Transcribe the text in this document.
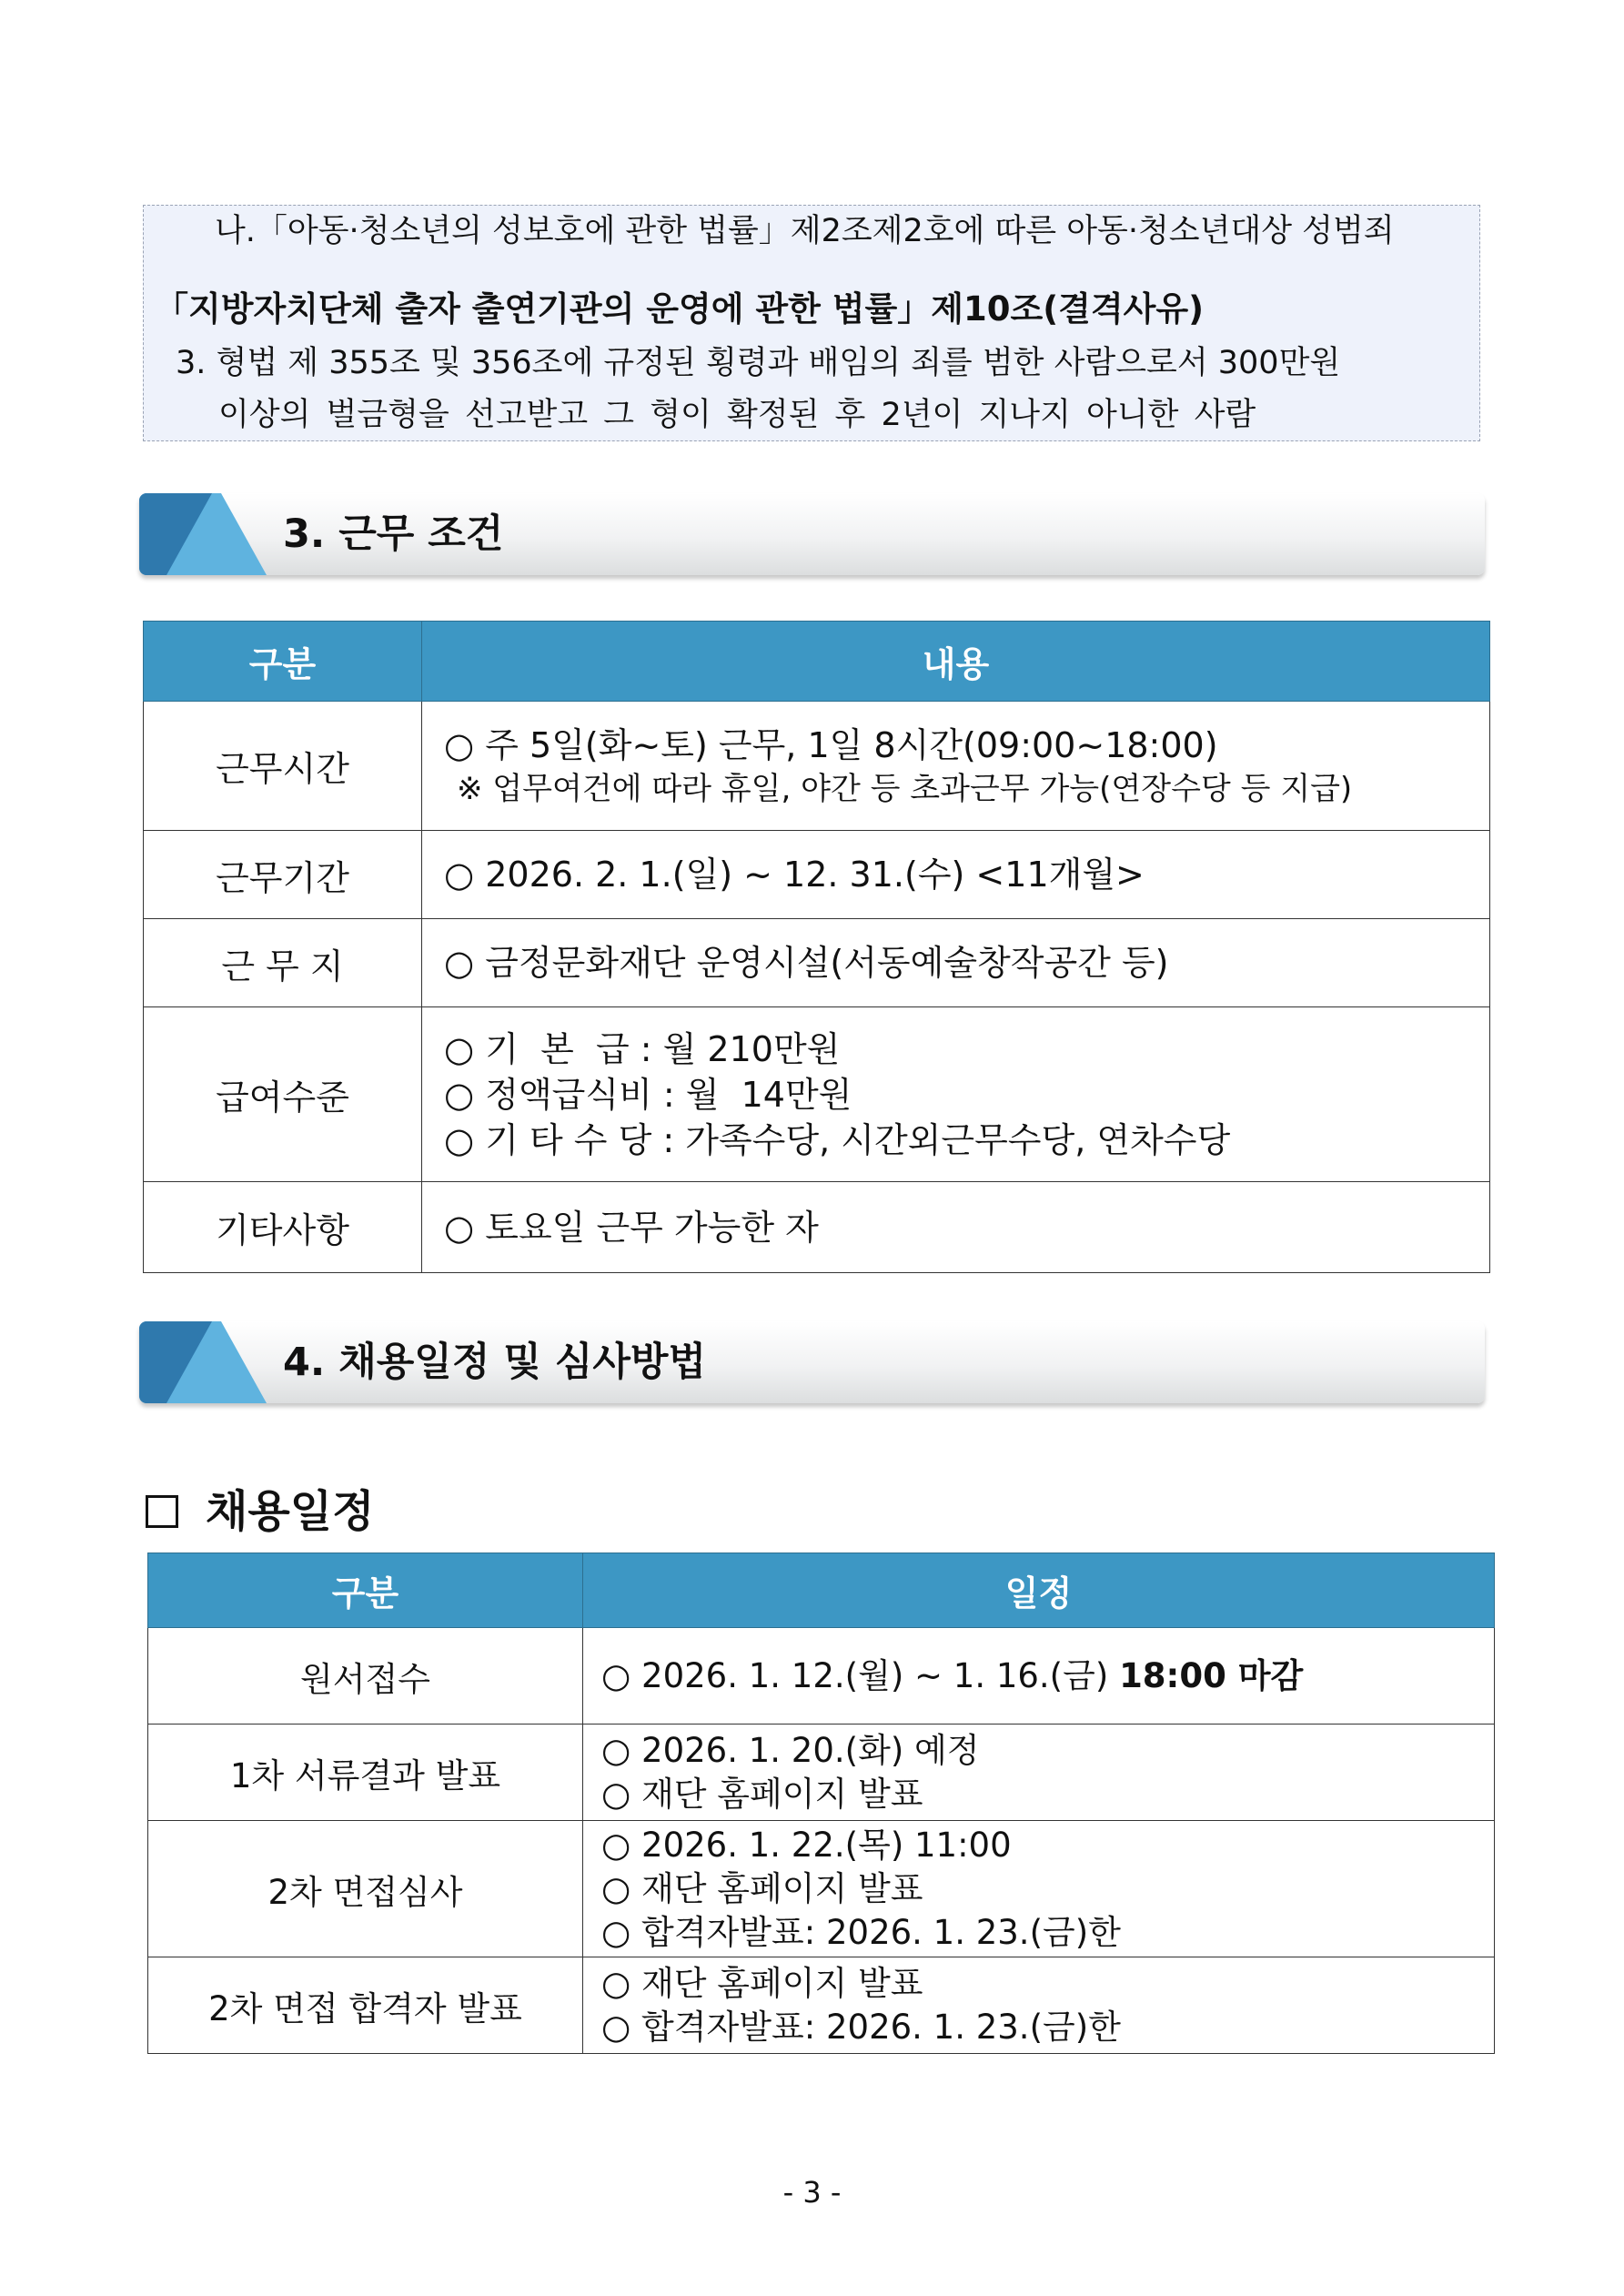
나.「아동·청소년의 성보호에 관한 법률」제2조제2호에 따른 아동·청소년대상 성범죄
「지방자치단체 출자 출연기관의 운영에 관한 법률」제10조(결격사유)
3. 형법 제 355조 및 356조에 규정된 횡령과 배임의 죄를 범한 사람으로서 300만원
이상의 벌금형을 선고받고 그 형이 확정된 후 2년이 지나지 아니한 사람
3. 근무 조건
구분	내용
근무시간	○ 주 5일(화~토) 근무, 1일 8시간(09:00~18:00)
※ 업무여건에 따라 휴일, 야간 등 초과근무 가능(연장수당 등 지급)

근무기간	○ 2026. 2. 1.(일) ~ 12. 31.(수) <11개월>

근 무 지	○ 금정문화재단 운영시설(서동예술창작공간 등)

급여수준	○ 기  본  급 : 월 210만원
○ 정액급식비 : 월  14만원
○ 기 타 수 당 : 가족수당, 시간외근무수당, 연차수당

기타사항	○ 토요일 근무 가능한 자
4. 채용일정 및 심사방법
채용일정
구분	일정
원서접수	○ 2026. 1. 12.(월) ~ 1. 16.(금) 18:00 마감

1차 서류결과 발표	○ 2026. 1. 20.(화) 예정
○ 재단 홈페이지 발표

2차 면접심사	○ 2026. 1. 22.(목) 11:00
○ 재단 홈페이지 발표
○ 합격자발표: 2026. 1. 23.(금)한

2차 면접 합격자 발표	○ 재단 홈페이지 발표
○ 합격자발표: 2026. 1. 23.(금)한
- 3 -
